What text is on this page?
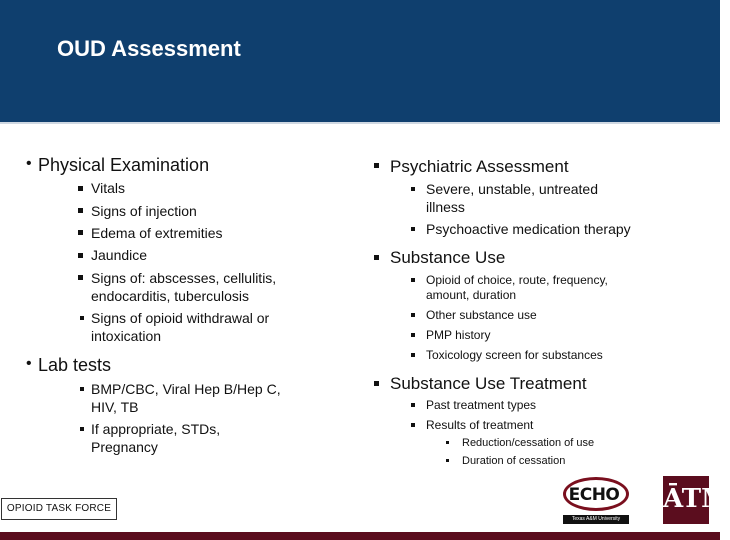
OUD Assessment
• Physical Examination
Vitals
Signs of injection
Edema of extremities
Jaundice
Signs of: abscesses, cellulitis,
endocarditis, tuberculosis
Signs of opioid withdrawal or
intoxication
• Lab tests
BMP/CBC, Viral Hep B/Hep C,
HIV, TB
If appropriate, STDs,
Pregnancy
Psychiatric Assessment
Severe, unstable, untreated
illness
Psychoactive medication therapy
Substance Use
Opioid of choice, route, frequency,
amount, duration
Other substance use
PMP history
Toxicology screen for substances
Substance Use Treatment
Past treatment types
Results of treatment
Reduction/cessation of use
Duration of cessation
OPIOID TASK FORCE
ECHO
Texas A&M University
ĀTM
